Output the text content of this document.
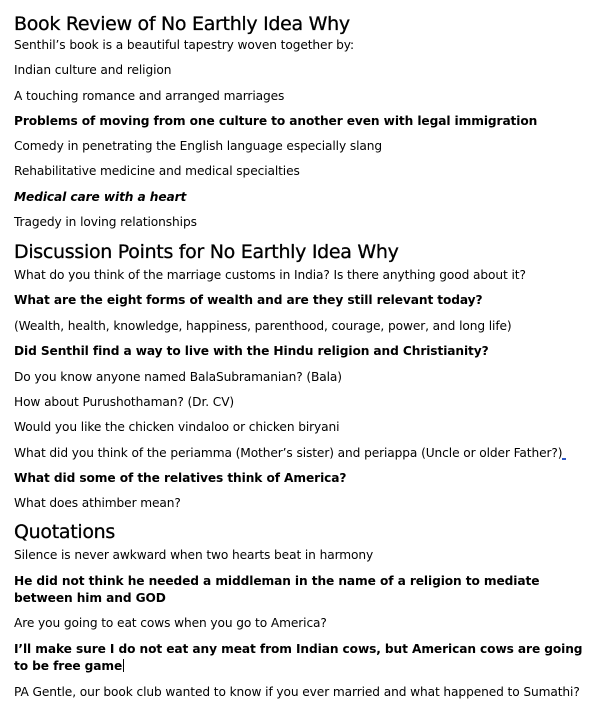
Book Review of No Earthly Idea Why

Senthil’s book is a beautiful tapestry woven together by:

Indian culture and religion

A touching romance and arranged marriages

Problems of moving from one culture to another even with legal immigration

Comedy in penetrating the English language especially slang

Rehabilitative medicine and medical specialties

Medical care with a heart

Tragedy in loving relationships

Discussion Points for No Earthly Idea Why

What do you think of the marriage customs in India? Is there anything good about it?

What are the eight forms of wealth and are they still relevant today?

(Wealth, health, knowledge, happiness, parenthood, courage, power, and long life)

Did Senthil find a way to live with the Hindu religion and Christianity?

Do you know anyone named BalaSubramanian? (Bala)

How about Purushothaman? (Dr. CV)

Would you like the chicken vindaloo or chicken biryani

What did you think of the periamma (Mother’s sister) and periappa (Uncle or older Father?)

What did some of the relatives think of America?

What does athimber mean?

Quotations

Silence is never awkward when two hearts beat in harmony

He did not think he needed a middleman in the name of a religion to mediate between him and GOD

Are you going to eat cows when you go to America?

I’ll make sure I do not eat any meat from Indian cows, but American cows are going to be free game

PA Gentle, our book club wanted to know if you ever married and what happened to Sumathi?
